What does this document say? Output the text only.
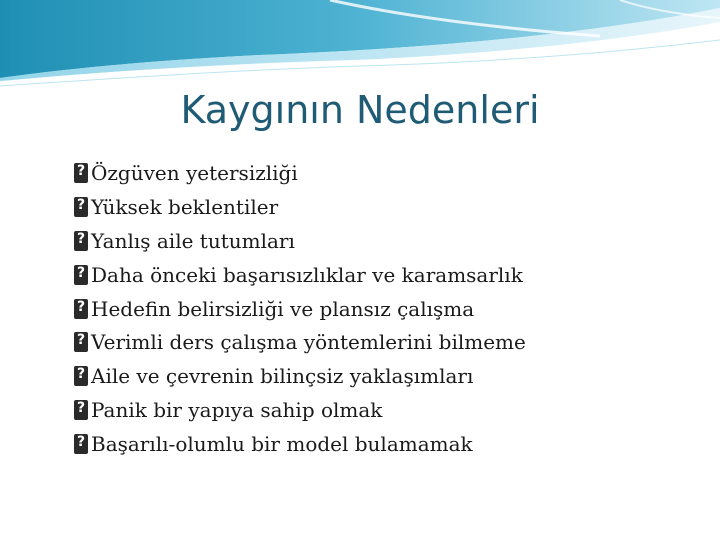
Kaygının Nedenleri
?
Özgüven yetersizliği
?
Yüksek beklentiler
?
Yanlış aile tutumları
?
Daha önceki başarısızlıklar ve karamsarlık
?
Hedefin belirsizliği ve plansız çalışma
?
Verimli ders çalışma yöntemlerini bilmeme
?
Aile ve çevrenin bilinçsiz yaklaşımları
?
Panik bir yapıya sahip olmak
?
Başarılı-olumlu bir model bulamamak
